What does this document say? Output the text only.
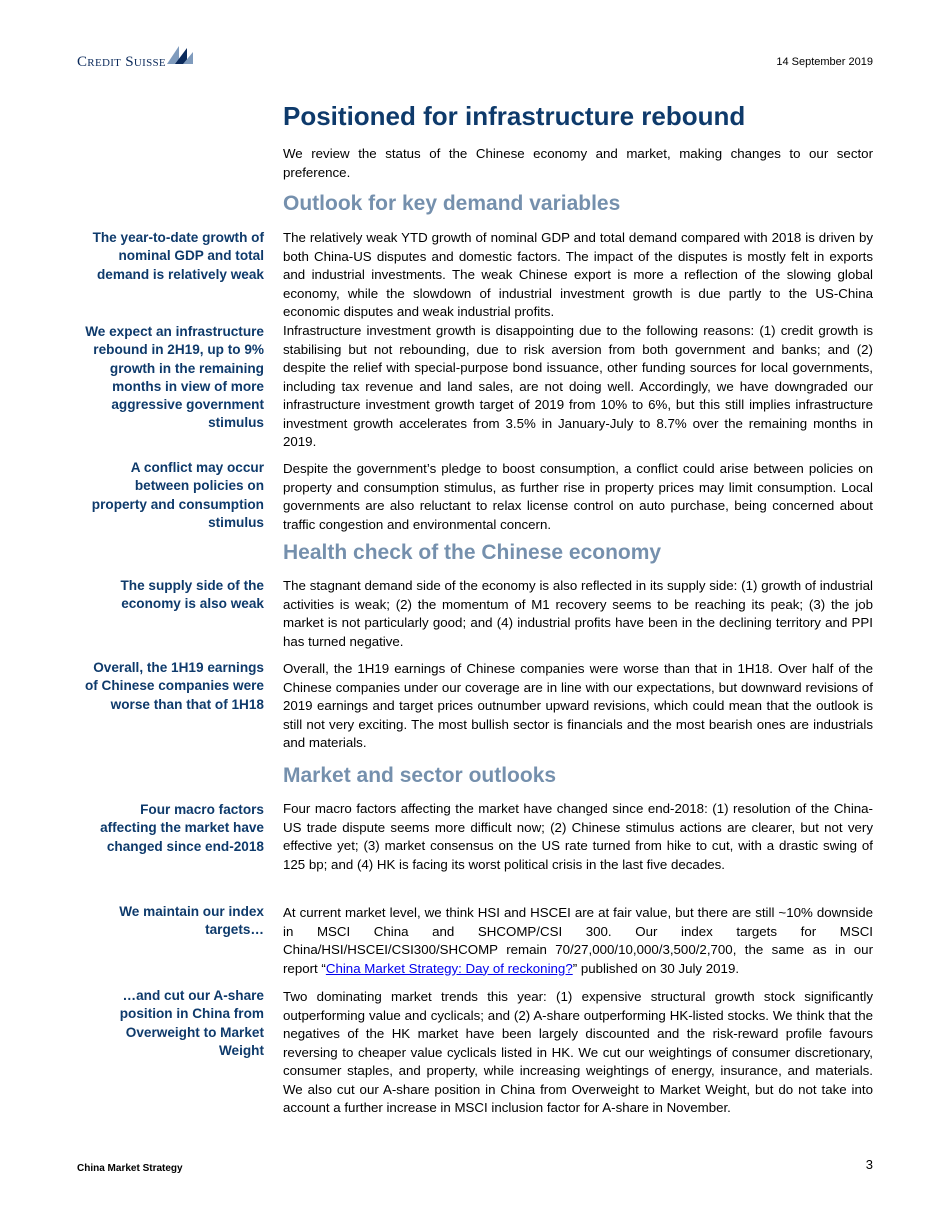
Credit Suisse	14 September 2019
Positioned for infrastructure rebound
We review the status of the Chinese economy and market, making changes to our sector preference.
Outlook for key demand variables
The year-to-date growth of nominal GDP and total demand is relatively weak
The relatively weak YTD growth of nominal GDP and total demand compared with 2018 is driven by both China-US disputes and domestic factors. The impact of the disputes is mostly felt in exports and industrial investments. The weak Chinese export is more a reflection of the slowing global economy, while the slowdown of industrial investment growth is due partly to the US-China economic disputes and weak industrial profits.
We expect an infrastructure rebound in 2H19, up to 9% growth in the remaining months in view of more aggressive government stimulus
Infrastructure investment growth is disappointing due to the following reasons: (1) credit growth is stabilising but not rebounding, due to risk aversion from both government and banks; and (2) despite the relief with special-purpose bond issuance, other funding sources for local governments, including tax revenue and land sales, are not doing well. Accordingly, we have downgraded our infrastructure investment growth target of 2019 from 10% to 6%, but this still implies infrastructure investment growth accelerates from 3.5% in January-July to 8.7% over the remaining months in 2019.
A conflict may occur between policies on property and consumption stimulus
Despite the government’s pledge to boost consumption, a conflict could arise between policies on property and consumption stimulus, as further rise in property prices may limit consumption. Local governments are also reluctant to relax license control on auto purchase, being concerned about traffic congestion and environmental concern.
Health check of the Chinese economy
The supply side of the economy is also weak
The stagnant demand side of the economy is also reflected in its supply side: (1) growth of industrial activities is weak; (2) the momentum of M1 recovery seems to be reaching its peak; (3) the job market is not particularly good; and (4) industrial profits have been in the declining territory and PPI has turned negative.
Overall, the 1H19 earnings of Chinese companies were worse than that of 1H18
Overall, the 1H19 earnings of Chinese companies were worse than that in 1H18. Over half of the Chinese companies under our coverage are in line with our expectations, but downward revisions of 2019 earnings and target prices outnumber upward revisions, which could mean that the outlook is still not very exciting. The most bullish sector is financials and the most bearish ones are industrials and materials.
Market and sector outlooks
Four macro factors affecting the market have changed since end-2018
Four macro factors affecting the market have changed since end-2018: (1) resolution of the China-US trade dispute seems more difficult now; (2) Chinese stimulus actions are clearer, but not very effective yet; (3) market consensus on the US rate turned from hike to cut, with a drastic swing of 125 bp; and (4) HK is facing its worst political crisis in the last five decades.
We maintain our index targets…
At current market level, we think HSI and HSCEI are at fair value, but there are still ~10% downside in MSCI China and SHCOMP/CSI 300. Our index targets for MSCI China/HSI/HSCEI/CSI300/SHCOMP remain 70/27,000/10,000/3,500/2,700, the same as in our report “China Market Strategy: Day of reckoning?” published on 30 July 2019.
…and cut our A-share position in China from Overweight to Market Weight
Two dominating market trends this year: (1) expensive structural growth stock significantly outperforming value and cyclicals; and (2) A-share outperforming HK-listed stocks. We think that the negatives of the HK market have been largely discounted and the risk-reward profile favours reversing to cheaper value cyclicals listed in HK. We cut our weightings of consumer discretionary, consumer staples, and property, while increasing weightings of energy, insurance, and materials. We also cut our A-share position in China from Overweight to Market Weight, but do not take into account a further increase in MSCI inclusion factor for A-share in November.
China Market Strategy	3
